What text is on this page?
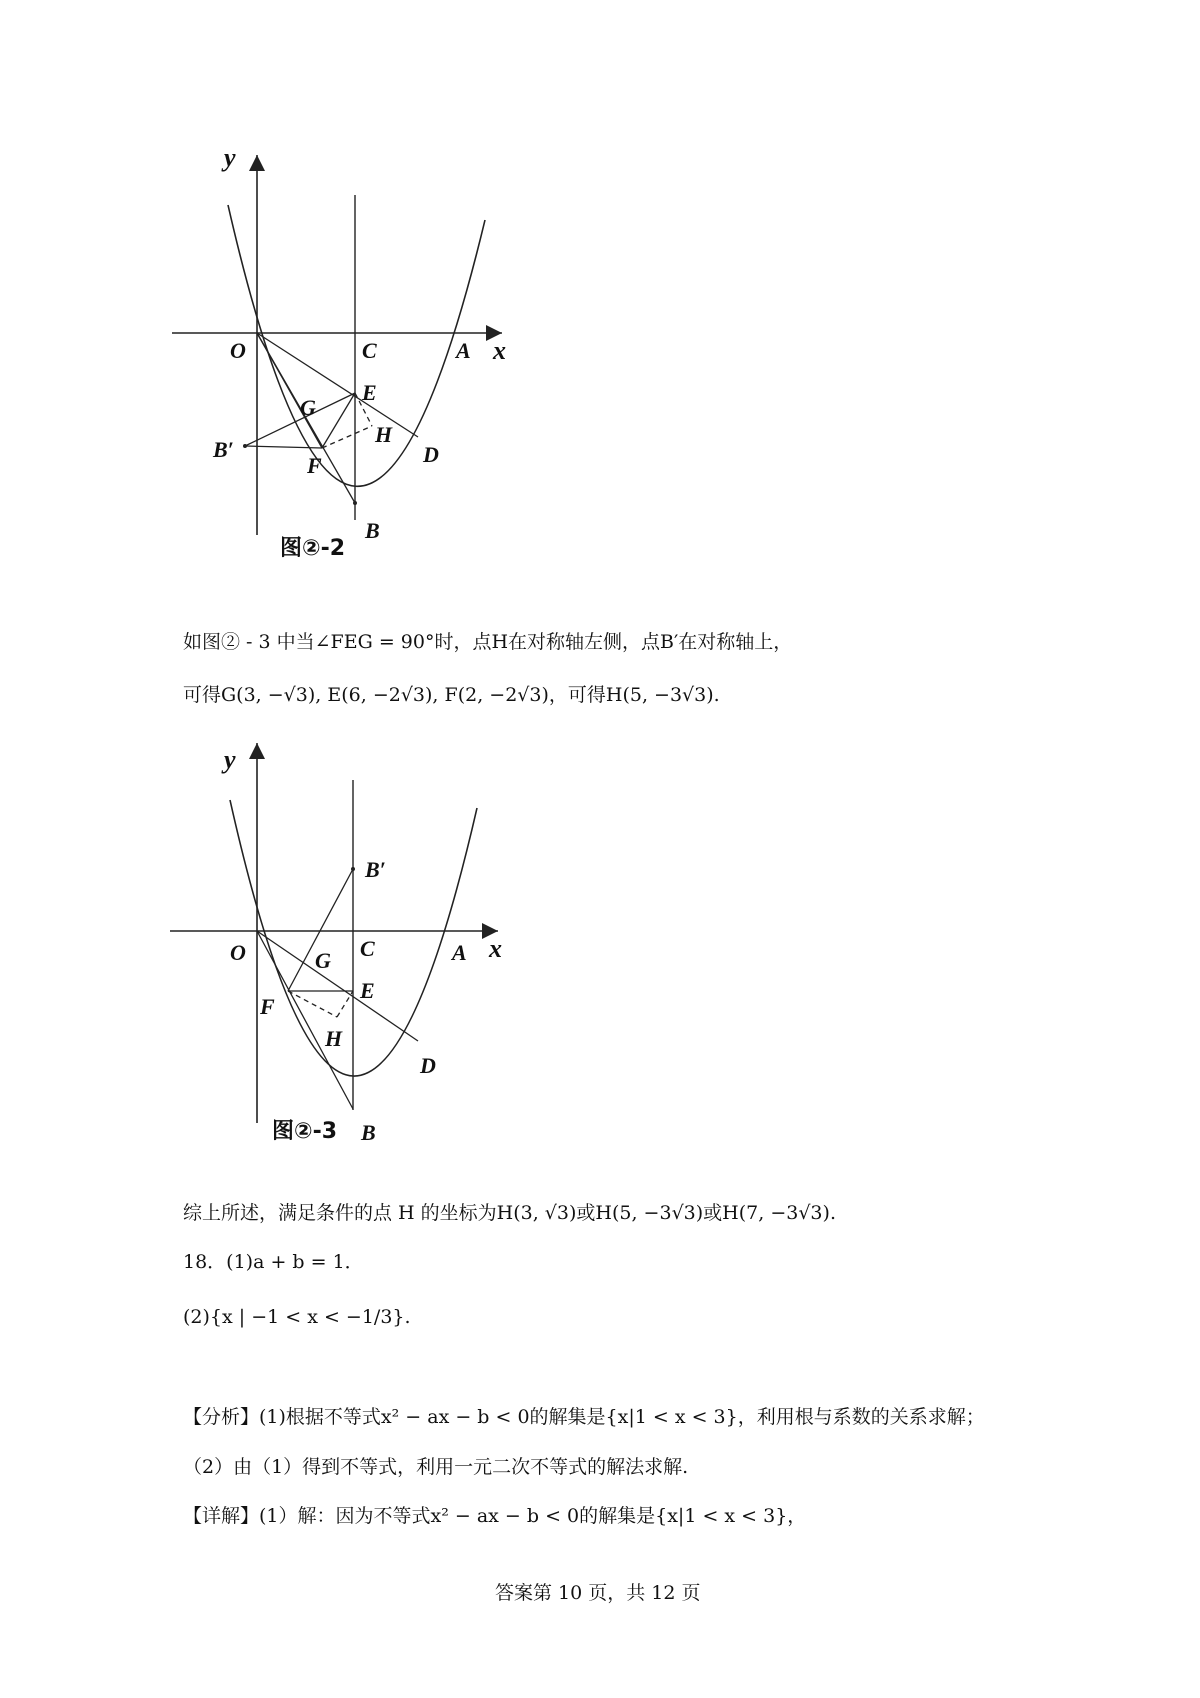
y
x
O	C	A
E
G
H
B′
F	D
B
图②-2
如图② - 3 中当∠FEG = 90°时，点H在对称轴左侧，点B′在对称轴上，
可得G(3, −√3), E(6, −2√3), F(2, −2√3)，可得H(5, −3√3).
y
x
O	C	A
B′
G
E
F
H
D
B
图②-3
综上所述，满足条件的点 H 的坐标为H(3, √3)或H(5, −3√3)或H(7, −3√3).
18．(1)a + b = 1．
(2){x | −1 < x < −1/3}.
【分析】(1)根据不等式x² − ax − b < 0的解集是{x|1 < x < 3}，利用根与系数的关系求解；
（2）由（1）得到不等式，利用一元二次不等式的解法求解.
【详解】(1）解：因为不等式x² − ax − b < 0的解集是{x|1 < x < 3}，
答案第 10 页，共 12 页
